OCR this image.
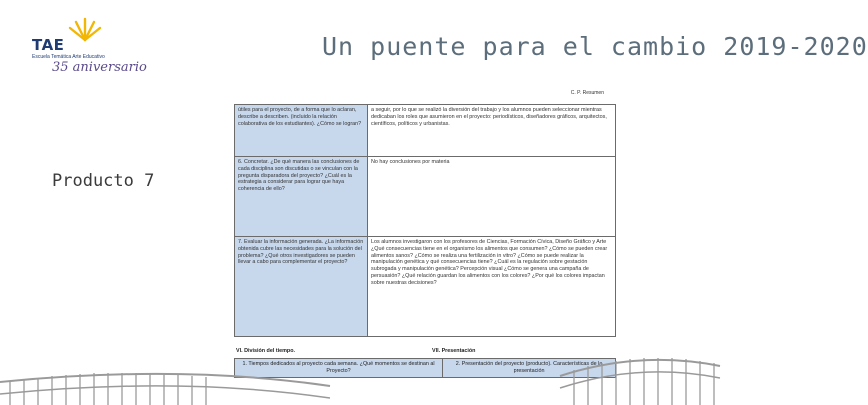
TAE
Escuela Temática Arte Educativo
35 aniversario
Un puente para el cambio 2019-2020
Producto 7
C. P. Resumen
útiles para el proyecto, de a forma que lo aclaran, describe a describen. (incluido la relación colaborativa de los estudiantes). ¿Cómo se logran?	a seguir, por lo que se realizó la diversión del trabajo y los alumnos pueden seleccionar mientras dedicaban los roles que asumieron en el proyecto: periodísticos, diseñadores gráficos, arquitectos, científicos, políticos y urbanistas.
6. Concretar. ¿De qué manera las conclusiones de cada disciplina son discutidas o se vinculan con la pregunta disparadora del proyecto? ¿Cuál es la estrategia a considerar para lograr que haya coherencia de ello?	No hay conclusiones por materia
7. Evaluar la información generada. ¿La información obtenida cubre las necesidades para la solución del problema? ¿Qué otros investigadores se pueden llevar a cabo para complementar el proyecto?	Los alumnos investigaron con los profesores de Ciencias, Formación Cívica, Diseño Gráfico y Arte ¿Qué consecuencias tiene en el organismo los alimentos que consumen? ¿Cómo se pueden crear alimentos sanos? ¿Cómo se realiza una fertilización in vitro? ¿Cómo se puede realizar la manipulación genética y qué consecuencias tiene? ¿Cuál es la regulación sobre gestación subrogada y manipulación genética? Percepción visual ¿Cómo se genera una campaña de persuasión? ¿Qué relación guardan los alimentos con los colores? ¿Por qué los colores impactan sobre nuestras decisiones?
VI. División del tiempo.	VII. Presentación
1. Tiempos dedicados al proyecto cada semana. ¿Qué momentos se destinan al Proyecto?	2. Presentación del proyecto (producto). Características de la presentación
